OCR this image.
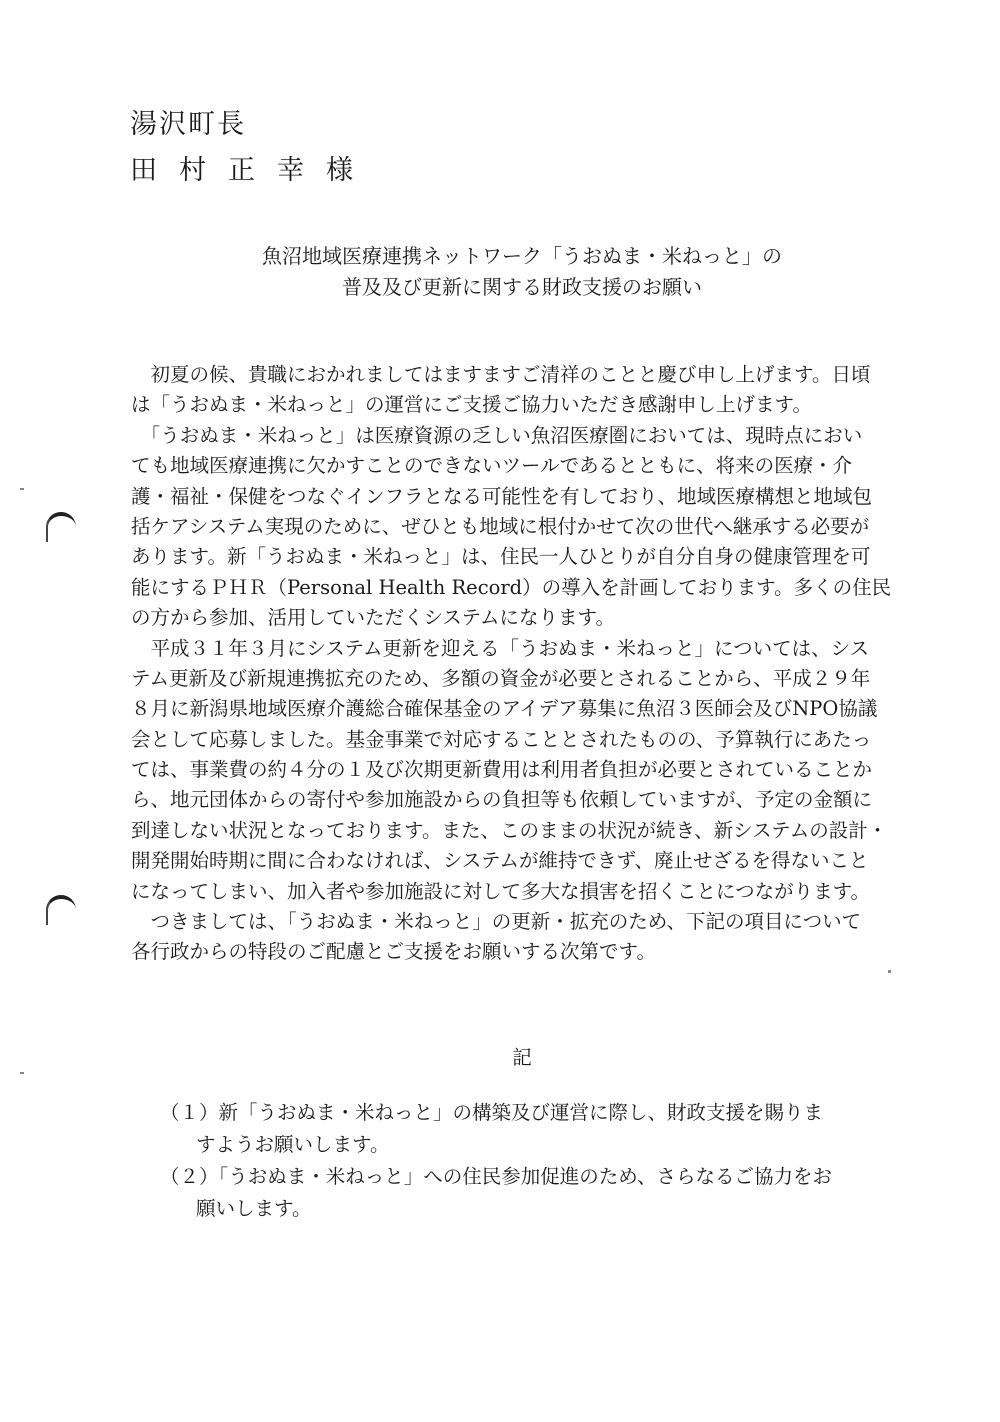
湯沢町長
田村正幸様
魚沼地域医療連携ネットワーク「うおぬま・米ねっと」の
普及及び更新に関する財政支援のお願い
　初夏の候、貴職におかれましてはますますご清祥のことと慶び申し上げます。日頃
は「うおぬま・米ねっと」の運営にご支援ご協力いただき感謝申し上げます。
　「うおぬま・米ねっと」は医療資源の乏しい魚沼医療圏においては、現時点におい
ても地域医療連携に欠かすことのできないツールであるとともに、将来の医療・介
護・福祉・保健をつなぐインフラとなる可能性を有しており、地域医療構想と地域包
括ケアシステム実現のために、ぜひとも地域に根付かせて次の世代へ継承する必要が
あります。新「うおぬま・米ねっと」は、住民一人ひとりが自分自身の健康管理を可
能にするＰＨＲ（Personal Health Record）の導入を計画しております。多くの住民
の方から参加、活用していただくシステムになります。
　平成３１年３月にシステム更新を迎える「うおぬま・米ねっと」については、シス
テム更新及び新規連携拡充のため、多額の資金が必要とされることから、平成２９年
８月に新潟県地域医療介護総合確保基金のアイデア募集に魚沼３医師会及びNPO協議
会として応募しました。基金事業で対応することとされたものの、予算執行にあたっ
ては、事業費の約４分の１及び次期更新費用は利用者負担が必要とされていることか
ら、地元団体からの寄付や参加施設からの負担等も依頼していますが、予定の金額に
到達しない状況となっております。また、このままの状況が続き、新システムの設計・
開発開始時期に間に合わなければ、システムが維持できず、廃止せざるを得ないこと
になってしまい、加入者や参加施設に対して多大な損害を招くことにつながります。
　つきましては、「うおぬま・米ねっと」の更新・拡充のため、下記の項目について
各行政からの特段のご配慮とご支援をお願いする次第です。
記
（１）新「うおぬま・米ねっと」の構築及び運営に際し、財政支援を賜りま
すようお願いします。
（２）「うおぬま・米ねっと」への住民参加促進のため、さらなるご協力をお
願いします。
